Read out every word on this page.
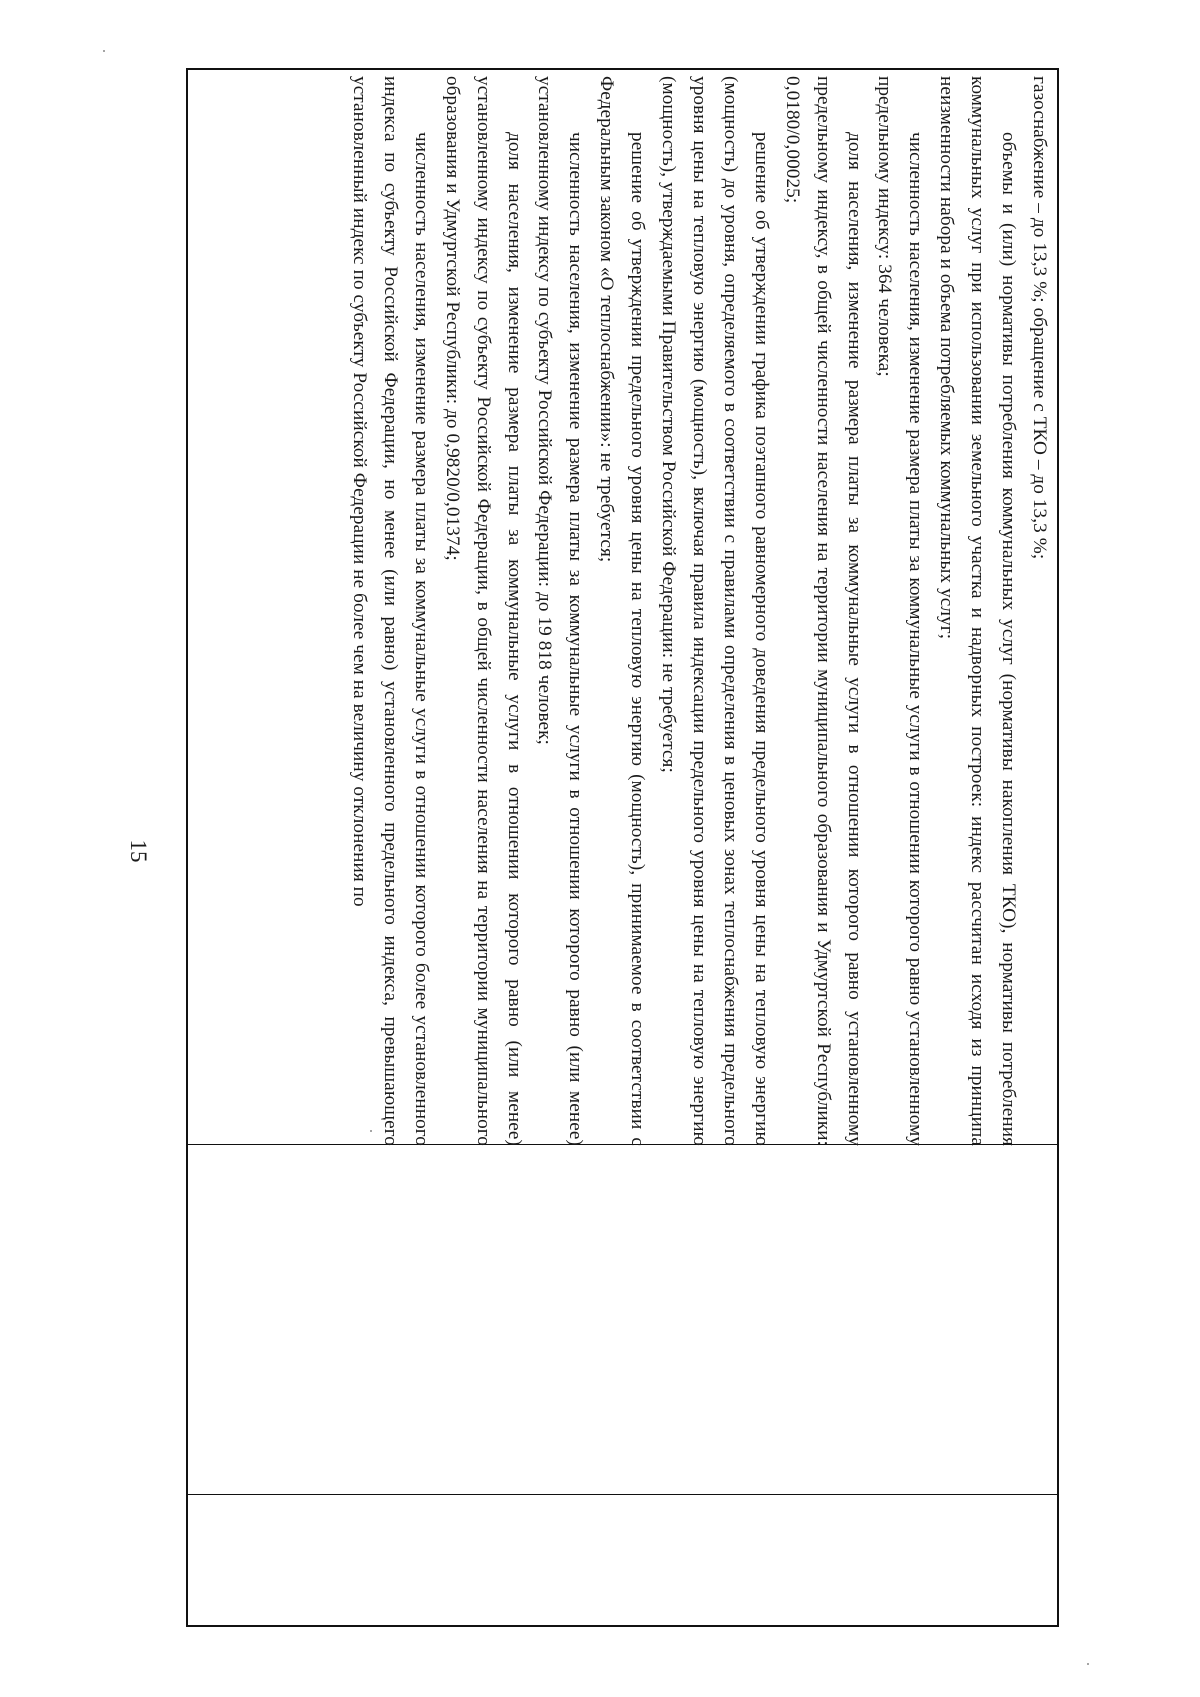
15

газоснабжение – до 13,3 %; обращение с ТКО – до 13,3 %;

объемы и (или) нормативы потребления коммунальных услуг (нормативы накопления ТКО), нормативы потребления коммунальных услуг при использовании земельного участка и надворных построек: индекс рассчитан исходя из принципа неизменности набора и объема потребляемых коммунальных услуг;

численность населения, изменение размера платы за коммунальные услуги в отношении которого равно установленному предельному индексу: 364 человека;

доля населения, изменение размера платы за коммунальные услуги в отношении которого равно установленному предельному индексу, в общей численности населения на территории муниципального образования и Удмуртской Республики: 0,0180/0,00025;

решение об утверждении графика поэтапного равномерного доведения предельного уровня цены на тепловую энергию (мощность) до уровня, определяемого в соответствии с правилами определения в ценовых зонах теплоснабжения предельного уровня цены на тепловую энергию (мощность), включая правила индексации предельного уровня цены на тепловую энергию (мощность), утверждаемыми Правительством Российской Федерации: не требуется;

решение об утверждении предельного уровня цены на тепловую энергию (мощность), принимаемое в соответствии с Федеральным законом «О теплоснабжении»: не требуется;

численность населения, изменение размера платы за коммунальные услуги в отношении которого равно (или менее) установленному индексу по субъекту Российской Федерации: до 19 818 человек;

доля населения, изменение размера платы за коммунальные услуги в отношении которого равно (или менее) установленному индексу по субъекту Российской Федерации, в общей численности населения на территории муниципального образования и Удмуртской Республики: до 0,9820/0,01374;

численность населения, изменение размера платы за коммунальные услуги в отношении которого более установленного индекса по субъекту Российской Федерации, но менее (или равно) установленного предельного индекса, превышающего установленный индекс по субъекту Российской Федерации не более чем на величину отклонения по
